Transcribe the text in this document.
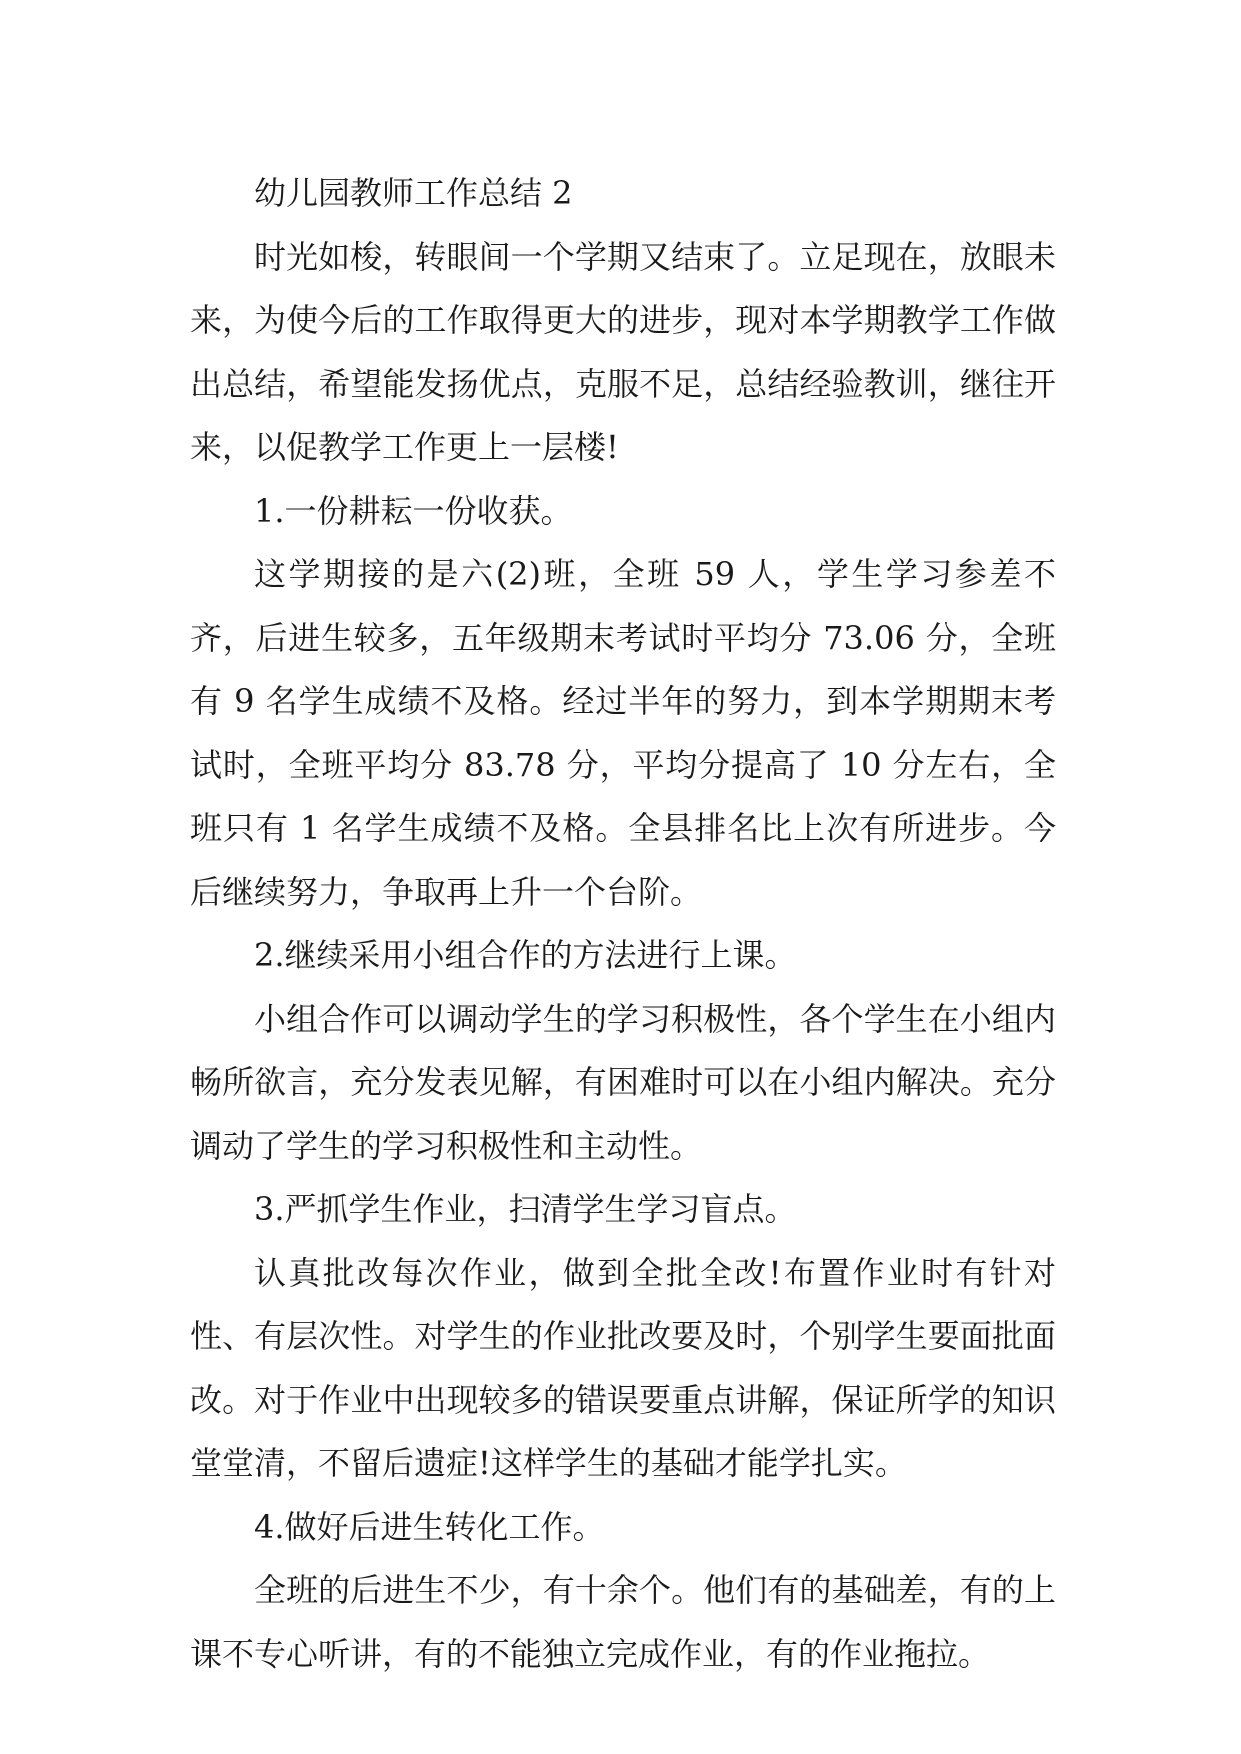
幼儿园教师工作总结 2

时光如梭，转眼间一个学期又结束了。立足现在，放眼未来，为使今后的工作取得更大的进步，现对本学期教学工作做出总结，希望能发扬优点，克服不足，总结经验教训，继往开来，以促教学工作更上一层楼!

1.一份耕耘一份收获。

这学期接的是六(2)班，全班 59 人，学生学习参差不齐，后进生较多，五年级期末考试时平均分 73.06 分，全班有 9 名学生成绩不及格。经过半年的努力，到本学期期末考试时，全班平均分 83.78 分，平均分提高了 10 分左右，全班只有 1 名学生成绩不及格。全县排名比上次有所进步。今后继续努力，争取再上升一个台阶。

2.继续采用小组合作的方法进行上课。

小组合作可以调动学生的学习积极性，各个学生在小组内畅所欲言，充分发表见解，有困难时可以在小组内解决。充分调动了学生的学习积极性和主动性。

3.严抓学生作业，扫清学生学习盲点。

认真批改每次作业，做到全批全改!布置作业时有针对性、有层次性。对学生的作业批改要及时，个别学生要面批面改。对于作业中出现较多的错误要重点讲解，保证所学的知识堂堂清，不留后遗症!这样学生的基础才能学扎实。

4.做好后进生转化工作。

全班的后进生不少，有十余个。他们有的基础差，有的上课不专心听讲，有的不能独立完成作业，有的作业拖拉。
